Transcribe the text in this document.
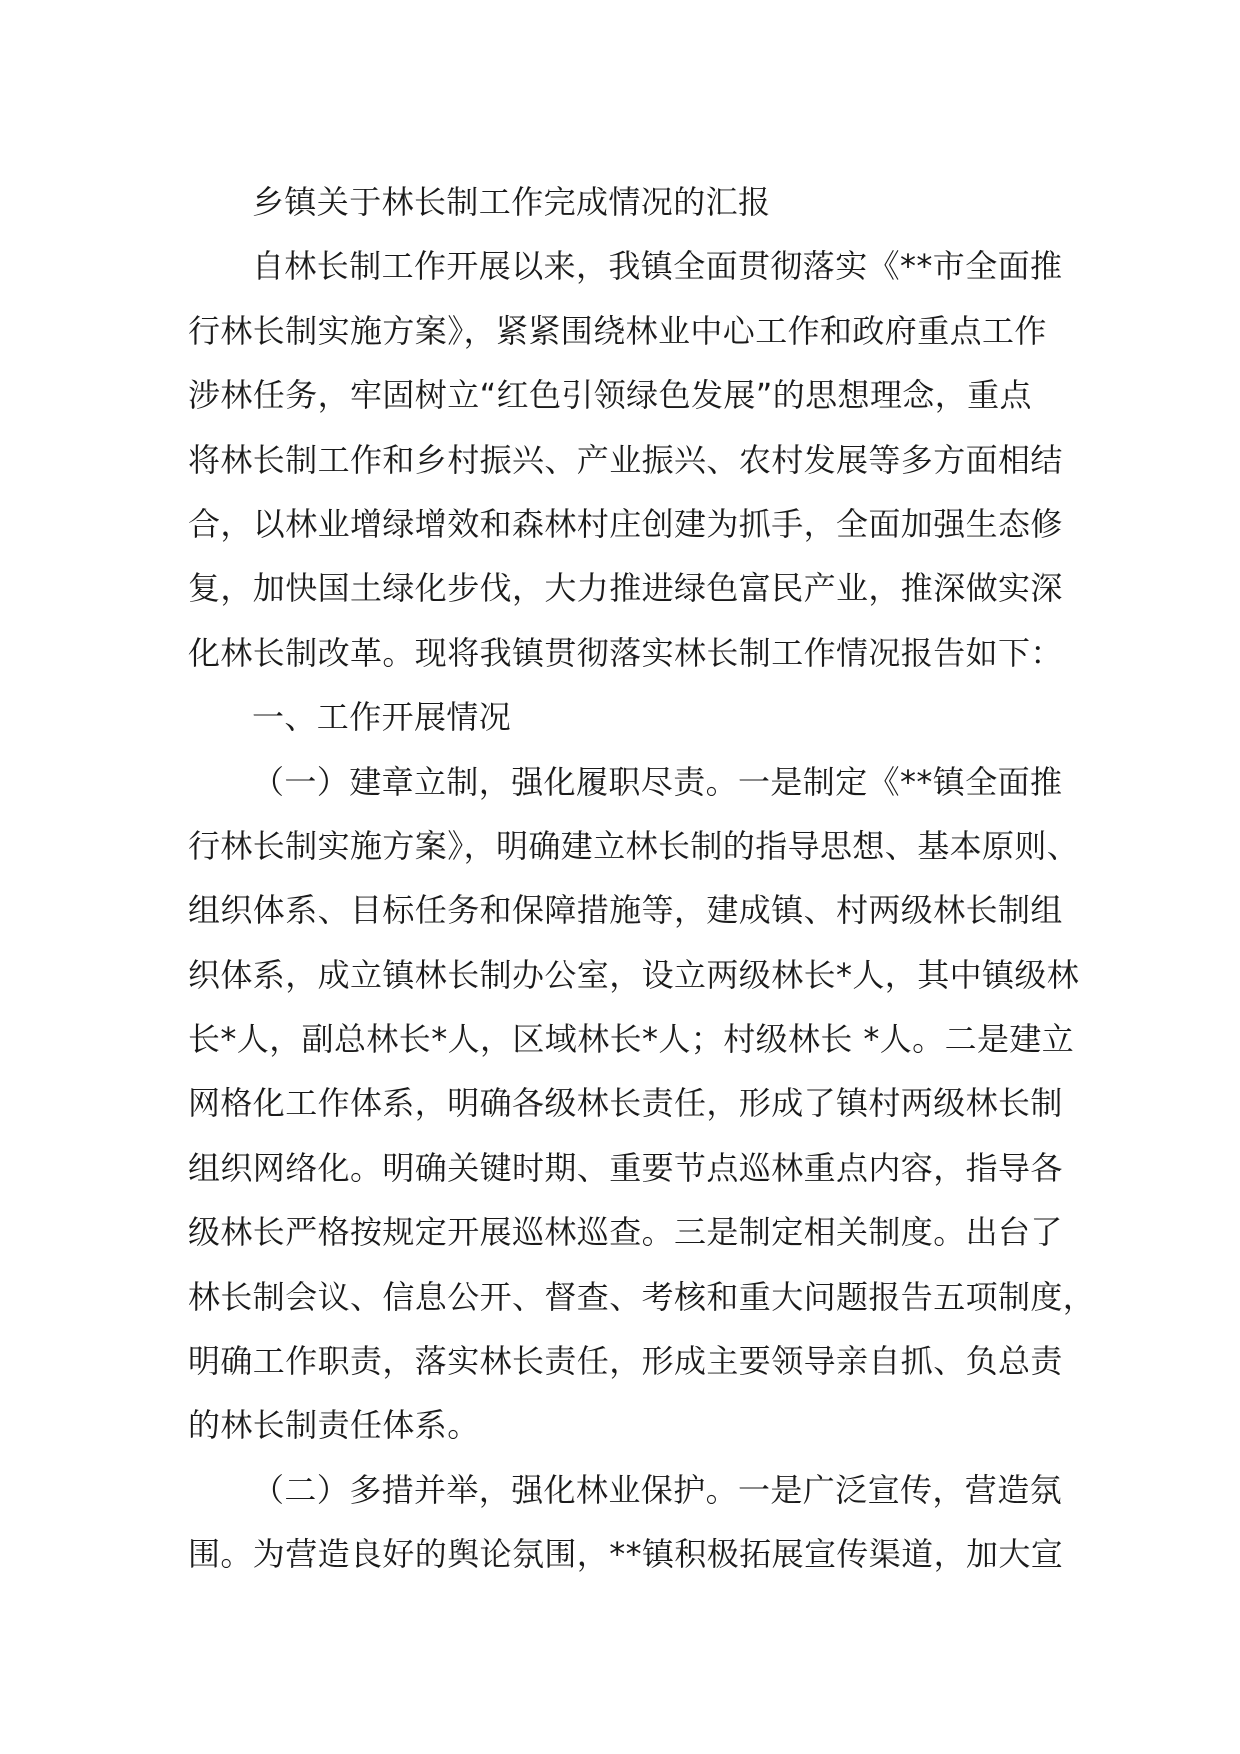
乡镇关于林长制工作完成情况的汇报
自林长制工作开展以来，我镇全面贯彻落实《**市全面推
行林长制实施方案》，紧紧围绕林业中心工作和政府重点工作
涉林任务，牢固树立“红色引领绿色发展”的思想理念，重点
将林长制工作和乡村振兴、产业振兴、农村发展等多方面相结
合，以林业增绿增效和森林村庄创建为抓手，全面加强生态修
复，加快国土绿化步伐，大力推进绿色富民产业，推深做实深
化林长制改革。现将我镇贯彻落实林长制工作情况报告如下：
一、工作开展情况
（一）建章立制，强化履职尽责。一是制定《**镇全面推
行林长制实施方案》，明确建立林长制的指导思想、基本原则、
组织体系、目标任务和保障措施等，建成镇、村两级林长制组
织体系，成立镇林长制办公室，设立两级林长*人，其中镇级林
长*人，副总林长*人，区域林长*人；村级林长 *人。二是建立
网格化工作体系，明确各级林长责任，形成了镇村两级林长制
组织网络化。明确关键时期、重要节点巡林重点内容，指导各
级林长严格按规定开展巡林巡查。三是制定相关制度。出台了
林长制会议、信息公开、督查、考核和重大问题报告五项制度，
明确工作职责，落实林长责任，形成主要领导亲自抓、负总责
的林长制责任体系。
（二）多措并举，强化林业保护。一是广泛宣传，营造氛
围。为营造良好的舆论氛围，**镇积极拓展宣传渠道，加大宣
